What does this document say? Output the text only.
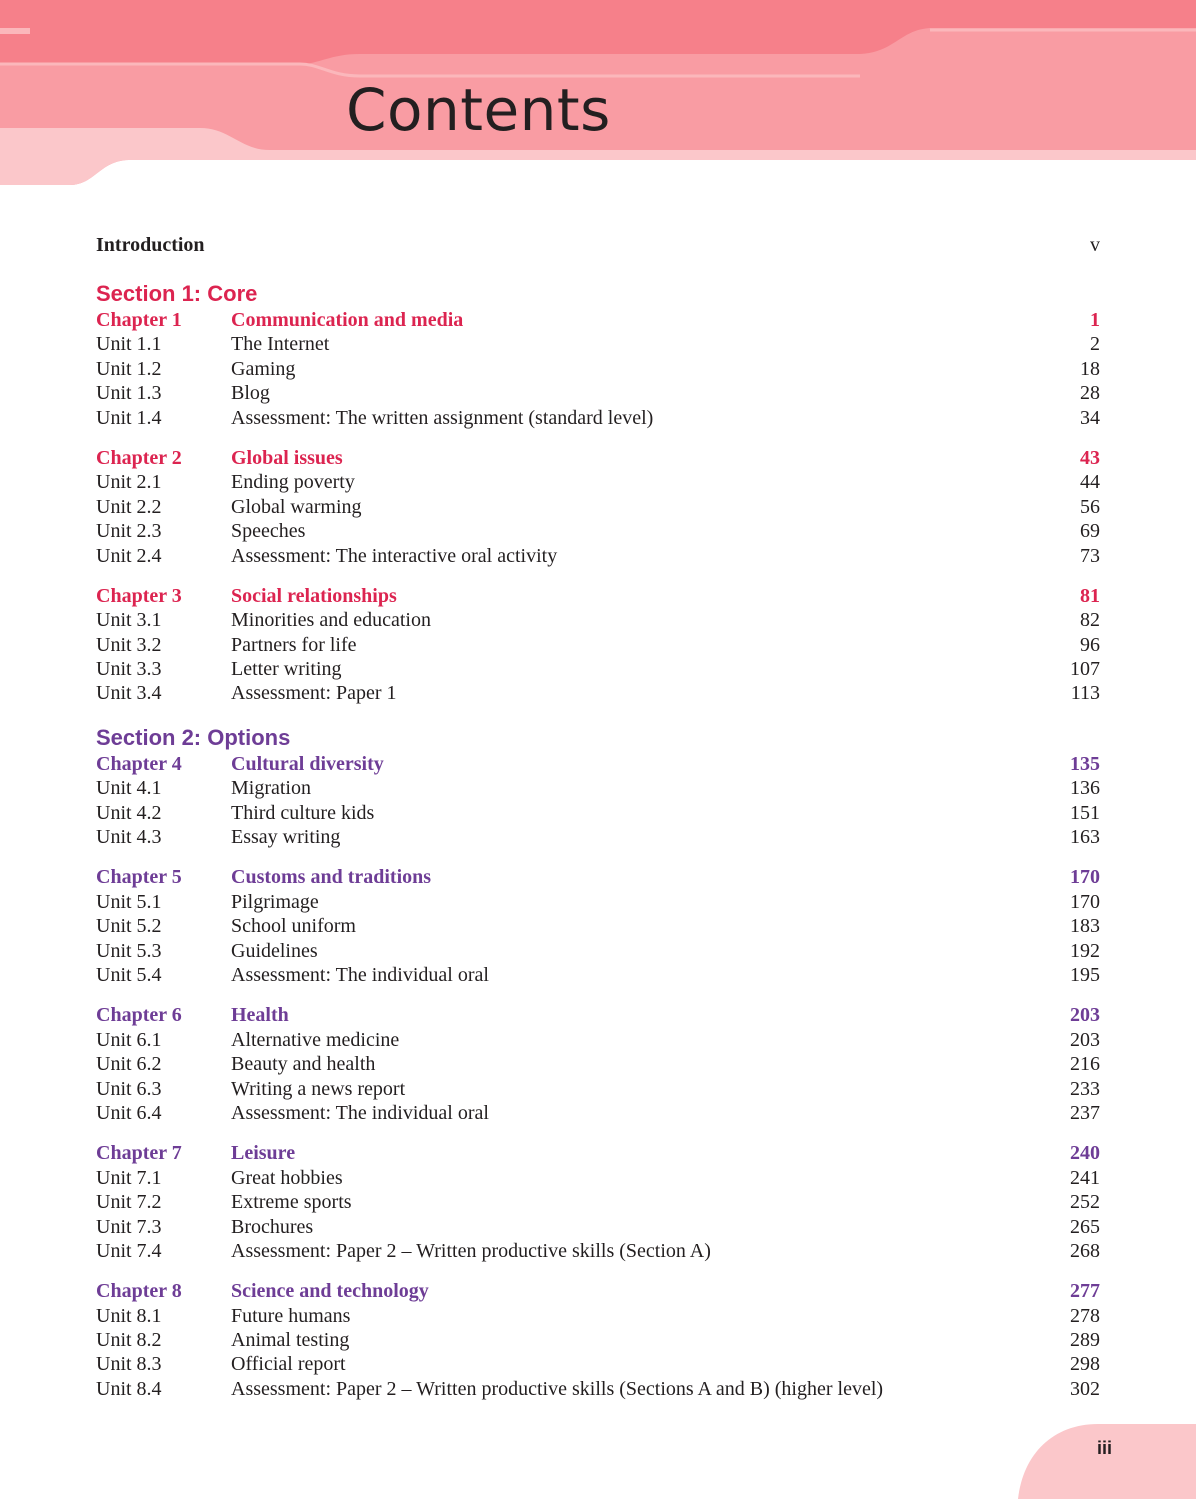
Contents
Introduction	v
Section 1: Core
Chapter 1	Communication and media	1
Unit 1.1	The Internet	2
Unit 1.2	Gaming	18
Unit 1.3	Blog	28
Unit 1.4	Assessment: The written assignment (standard level)	34
Chapter 2	Global issues	43
Unit 2.1	Ending poverty	44
Unit 2.2	Global warming	56
Unit 2.3	Speeches	69
Unit 2.4	Assessment: The interactive oral activity	73
Chapter 3	Social relationships	81
Unit 3.1	Minorities and education	82
Unit 3.2	Partners for life	96
Unit 3.3	Letter writing	107
Unit 3.4	Assessment: Paper 1	113
Section 2: Options
Chapter 4	Cultural diversity	135
Unit 4.1	Migration	136
Unit 4.2	Third culture kids	151
Unit 4.3	Essay writing	163
Chapter 5	Customs and traditions	170
Unit 5.1	Pilgrimage	170
Unit 5.2	School uniform	183
Unit 5.3	Guidelines	192
Unit 5.4	Assessment: The individual oral	195
Chapter 6	Health	203
Unit 6.1	Alternative medicine	203
Unit 6.2	Beauty and health	216
Unit 6.3	Writing a news report	233
Unit 6.4	Assessment: The individual oral	237
Chapter 7	Leisure	240
Unit 7.1	Great hobbies	241
Unit 7.2	Extreme sports	252
Unit 7.3	Brochures	265
Unit 7.4	Assessment: Paper 2 – Written productive skills (Section A)	268
Chapter 8	Science and technology	277
Unit 8.1	Future humans	278
Unit 8.2	Animal testing	289
Unit 8.3	Official report	298
Unit 8.4	Assessment: Paper 2 – Written productive skills (Sections A and B) (higher level)	302
iii
